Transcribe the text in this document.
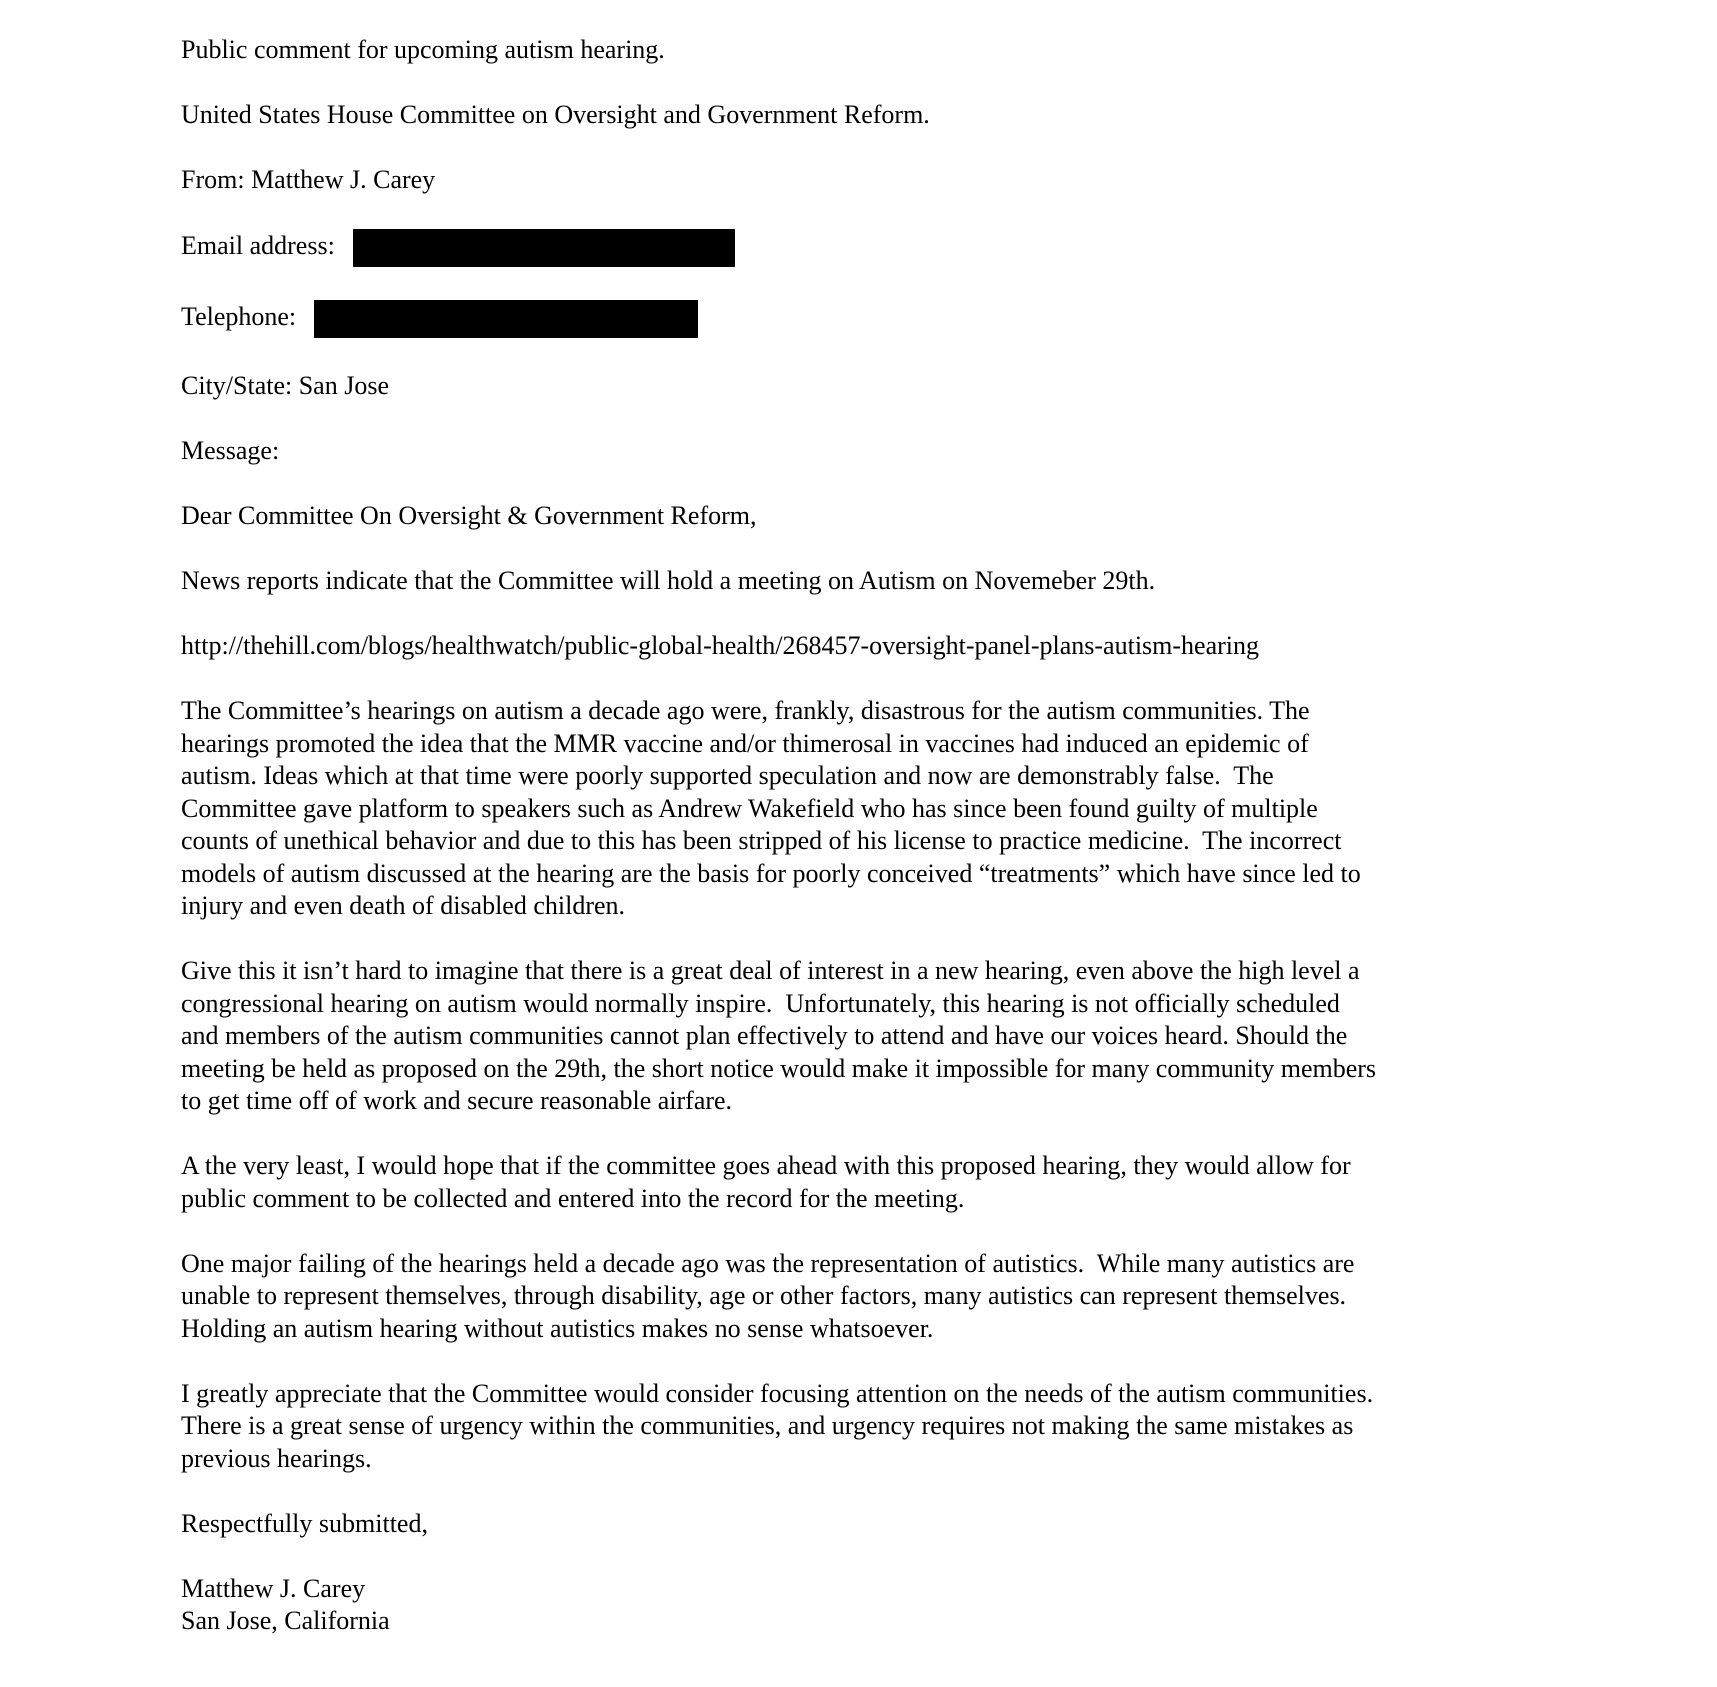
Public comment for upcoming autism hearing.

United States House Committee on Oversight and Government Reform.

From: Matthew J. Carey

Email address:

Telephone:

City/State: San Jose

Message:

Dear Committee On Oversight & Government Reform,

News reports indicate that the Committee will hold a meeting on Autism on Novemeber 29th.

http://thehill.com/blogs/healthwatch/public-global-health/268457-oversight-panel-plans-autism-hearing

The Committee’s hearings on autism a decade ago were, frankly, disastrous for the autism communities. The hearings promoted the idea that the MMR vaccine and/or thimerosal in vaccines had induced an epidemic of autism. Ideas which at that time were poorly supported speculation and now are demonstrably false.  The Committee gave platform to speakers such as Andrew Wakefield who has since been found guilty of multiple counts of unethical behavior and due to this has been stripped of his license to practice medicine.  The incorrect models of autism discussed at the hearing are the basis for poorly conceived “treatments” which have since led to injury and even death of disabled children.

Give this it isn’t hard to imagine that there is a great deal of interest in a new hearing, even above the high level a congressional hearing on autism would normally inspire.  Unfortunately, this hearing is not officially scheduled and members of the autism communities cannot plan effectively to attend and have our voices heard. Should the meeting be held as proposed on the 29th, the short notice would make it impossible for many community members to get time off of work and secure reasonable airfare.

A the very least, I would hope that if the committee goes ahead with this proposed hearing, they would allow for public comment to be collected and entered into the record for the meeting.

One major failing of the hearings held a decade ago was the representation of autistics.  While many autistics are unable to represent themselves, through disability, age or other factors, many autistics can represent themselves.  Holding an autism hearing without autistics makes no sense whatsoever.

I greatly appreciate that the Committee would consider focusing attention on the needs of the autism communities.  There is a great sense of urgency within the communities, and urgency requires not making the same mistakes as previous hearings.

Respectfully submitted,

Matthew J. Carey
San Jose, California
